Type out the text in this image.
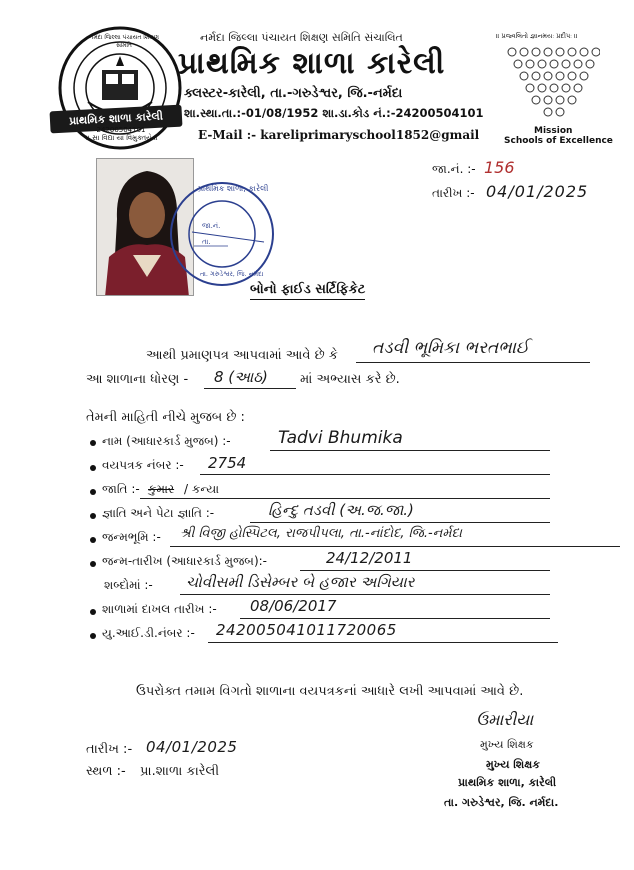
પ્રાથમિક શાળા કારેલી
નર્મદા જિલ્લા પંચાયત શિક્ષણ સમિતિ
24200504101
॥ સા વિદ્યા યા વિમુક્તયે ॥
નર્મદા જિલ્લા પંચાયત શિક્ષણ સમિતિ સંચાલિત
પ્રાથમિક શાળા કારેલી
ક્લસ્ટર-કારેલી, તા.-ગરુડેશ્વર, જિ.-નર્મદા
શા.સ્થા.તા.:-01/08/1952 શા.ડા.કોડ નં.:-24200504101
E-Mail :- kareliprimaryschool1852@gmail
॥ પ્રજ્વલિતો જ્ઞાનમયઃ પ્રદીપઃ ॥
Mission
Schools of Excellence
જા.નં. :- 156
તારીખ :- 04/01/2025
પ્રાથમિક શાળા, કારેલી
તા. ગરુડેશ્વર, જિ. નર્મદા
જા.નં.
તા.
બોનો ફાઈડ સર્ટિફિકેટ
આથી પ્રમાણપત્ર આપવામાં આવે છે કે તડવી ભૂમિકા ભરતભાઈ
આ શાળાના ધોરણ - 8 (આઠ) માં અભ્યાસ કરે છે.
તેમની માહિતી નીચે મુજબ છે :
નામ (આધારકાર્ડ મુજબ) :-	Tadvi Bhumika
વયપત્રક નંબર :- 2754
જાતિ :- કુમાર / કન્યા
જ્ઞાતિ અને પેટા જ્ઞાતિ :-	હિન્દુ તડવી (અ.જ.જા.)
જન્મભૂમિ :- શ્રી વિજી હોસ્પિટલ, રાજપીપલા, તા.-નાંદોદ, જિ.-નર્મદા
જન્મ-તારીખ (આધારકાર્ડ મુજબ):-	24/12/2011
શબ્દોમાં :- ચોવીસમી ડિસેમ્બર બે હજાર અગિયાર
શાળામાં દાખલ તારીખ :- 08/06/2017
યુ.આઈ.ડી.નંબર :- 242005041011720065
ઉપરોક્ત તમામ વિગતો શાળાના વયપત્રકનાં આધારે લખી આપવામાં આવે છે.
તારીખ :- 04/01/2025
સ્થળ :- પ્રા.શાળા કારેલી
ઉમારીયા
મુખ્ય શિક્ષક
મુખ્ય શિક્ષક
પ્રાથમિક શાળા, કારેલી
તા. ગરુડેશ્વર, જિ. નર્મદા.
